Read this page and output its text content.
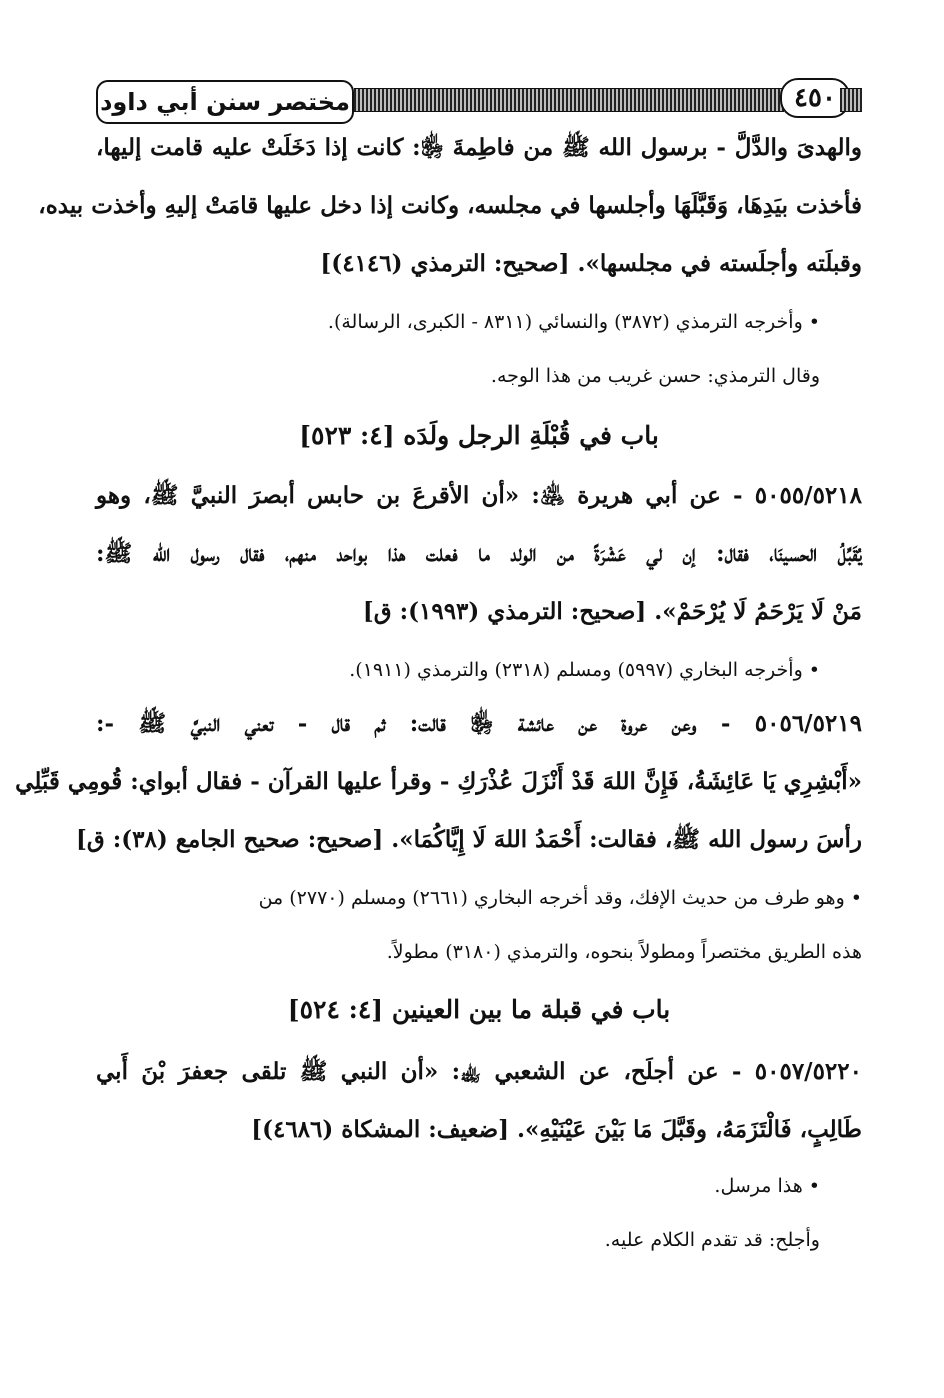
مختصر سنن أبي داود	٤٥٠
والهدىَ والدَّلَّ - برسول الله ﷺ من فاطِمةَ ﵂: كانت إذا دَخَلَتْ عليه قامت إليها،
فأخذت بيَدِهَا، وَقَبَّلَهَا وأجلسها في مجلسه، وكانت إذا دخل عليها قامَتْ إليهِ وأخذت بيده،
وقبلَته وأجلَسته في مجلسها». [صحيح: الترمذي (٤١٤٦)]
• وأخرجه الترمذي (٣٨٧٢) والنسائي (٨٣١١ - الكبرى، الرسالة).
وقال الترمذي: حسن غريب من هذا الوجه.
باب في قُبْلَةِ الرجل ولَدَه [٤: ٥٢٣]
٥٠٥٥/٥٢١٨ - عن أبي هريرة ﵁: «أن الأقرعَ بن حابس أبصرَ النبيَّ ﷺ، وهو
يُقَبِّلُ الحسينَا، فقال: إن لي عَشْرَةً من الولد ما فعلت هذا بواحد منهم، فقال رسول الله ﷺ:
مَنْ لَا يَرْحَمُ لَا يُرْحَمْ». [صحيح: الترمذي (١٩٩٣): ق]
• وأخرجه البخاري (٥٩٩٧) ومسلم (٢٣١٨) والترمذي (١٩١١).
٥٠٥٦/٥٢١٩ - وعن عروة عن عائشة ﵂ قالت: ثم قال - تعني النبيَّ ﷺ -:
«أَبْشِرِي يَا عَائِشَةُ، فَإِنَّ اللهَ قَدْ أَنْزَلَ عُذْرَكِ - وقرأ عليها القرآن - فقال أبواي: قُومِي قَبِّلِي
رأسَ رسول الله ﷺ، فقالت: أَحْمَدُ اللهَ لَا إِيَّاكُمَا». [صحيح: صحيح الجامع (٣٨): ق]
• وهو طرف من حديث الإفك، وقد أخرجه البخاري (٢٦٦١) ومسلم (٢٧٧٠) من
هذه الطريق مختصراً ومطولاً بنحوه، والترمذي (٣١٨٠) مطولاً.
باب في قبلة ما بين العينين [٤: ٥٢٤]
٥٠٥٧/٥٢٢٠ - عن أجلَح، عن الشعبي ﵀: «أن النبي ﷺ تلقى جعفرَ بْنَ أَبي
طَالِبٍ، فَالْتَزَمَهُ، وقَبَّلَ مَا بَيْنَ عَيْنَيْهِ». [ضعيف: المشكاة (٤٦٨٦)]
• هذا مرسل.
وأجلح: قد تقدم الكلام عليه.
